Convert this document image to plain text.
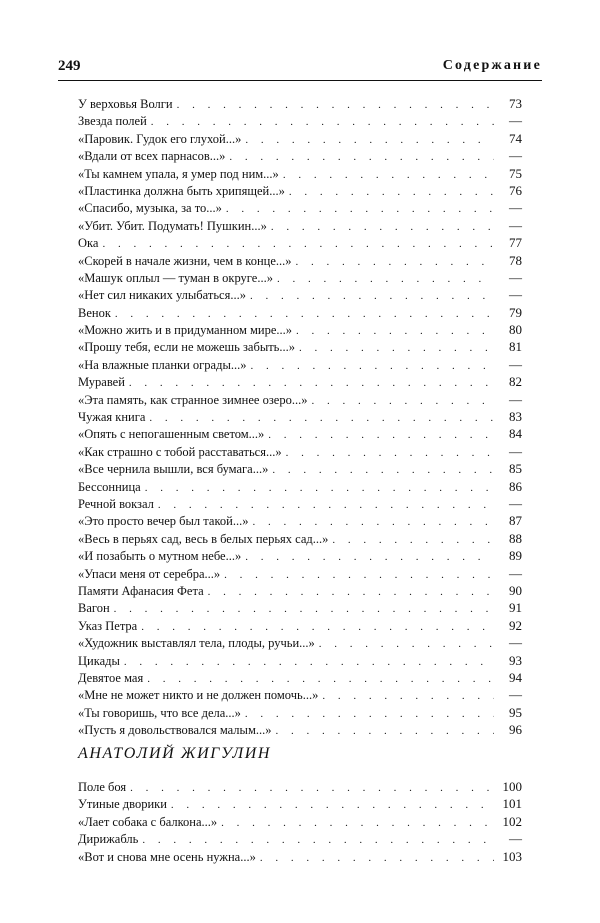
249	Содержание
У верховья Волги . . .	73
Звезда полей . . .	—
«Паровик. Гудок его глухой...» . . .	74
«Вдали от всех парнасов...» . . .	—
«Ты камнем упала, я умер под ним...» . . .	75
«Пластинка должна быть хрипящей...» . . .	76
«Спасибо, музыка, за то...» . . .	—
«Убит. Убит. Подумать! Пушкин...» . . .	—
Ока . . .	77
«Скорей в начале жизни, чем в конце...» . . .	78
«Машук оплыл — туман в округе...» . . .	—
«Нет сил никаких улыбаться...» . . .	—
Венок . . .	79
«Можно жить и в придуманном мире...» . . .	80
«Прошу тебя, если не можешь забыть...» . . .	81
«На влажные планки ограды...» . . .	—
Муравей . . .	82
«Эта память, как странное зимнее озеро...» . . .	—
Чужая книга . . .	83
«Опять с непогашенным светом...» . . .	84
«Как страшно с тобой расставаться...» . . .	—
«Все чернила вышли, вся бумага...» . . .	85
Бессонница . . .	86
Речной вокзал . . .	—
«Это просто вечер был такой...» . . .	87
«Весь в перьях сад, весь в белых перьях сад...» . . .	88
«И позабыть о мутном небе...» . . .	89
«Упаси меня от серебра...» . . .	—
Памяти Афанасия Фета . . .	90
Вагон . . .	91
Указ Петра . . .	92
«Художник выставлял тела, плоды, ручьи...» . . .	—
Цикады . . .	93
Девятое мая . . .	94
«Мне не может никто и не должен помочь...» . . .	—
«Ты говоришь, что все дела...» . . .	95
«Пусть я довольствовался малым...» . . .	96
АНАТОЛИЙ ЖИГУЛИН
Поле боя . . .	100
Утиные дворики . . .	101
«Лает собака с балкона...» . . .	102
Дирижабль . . .	—
«Вот и снова мне осень нужна...» . . .	103
